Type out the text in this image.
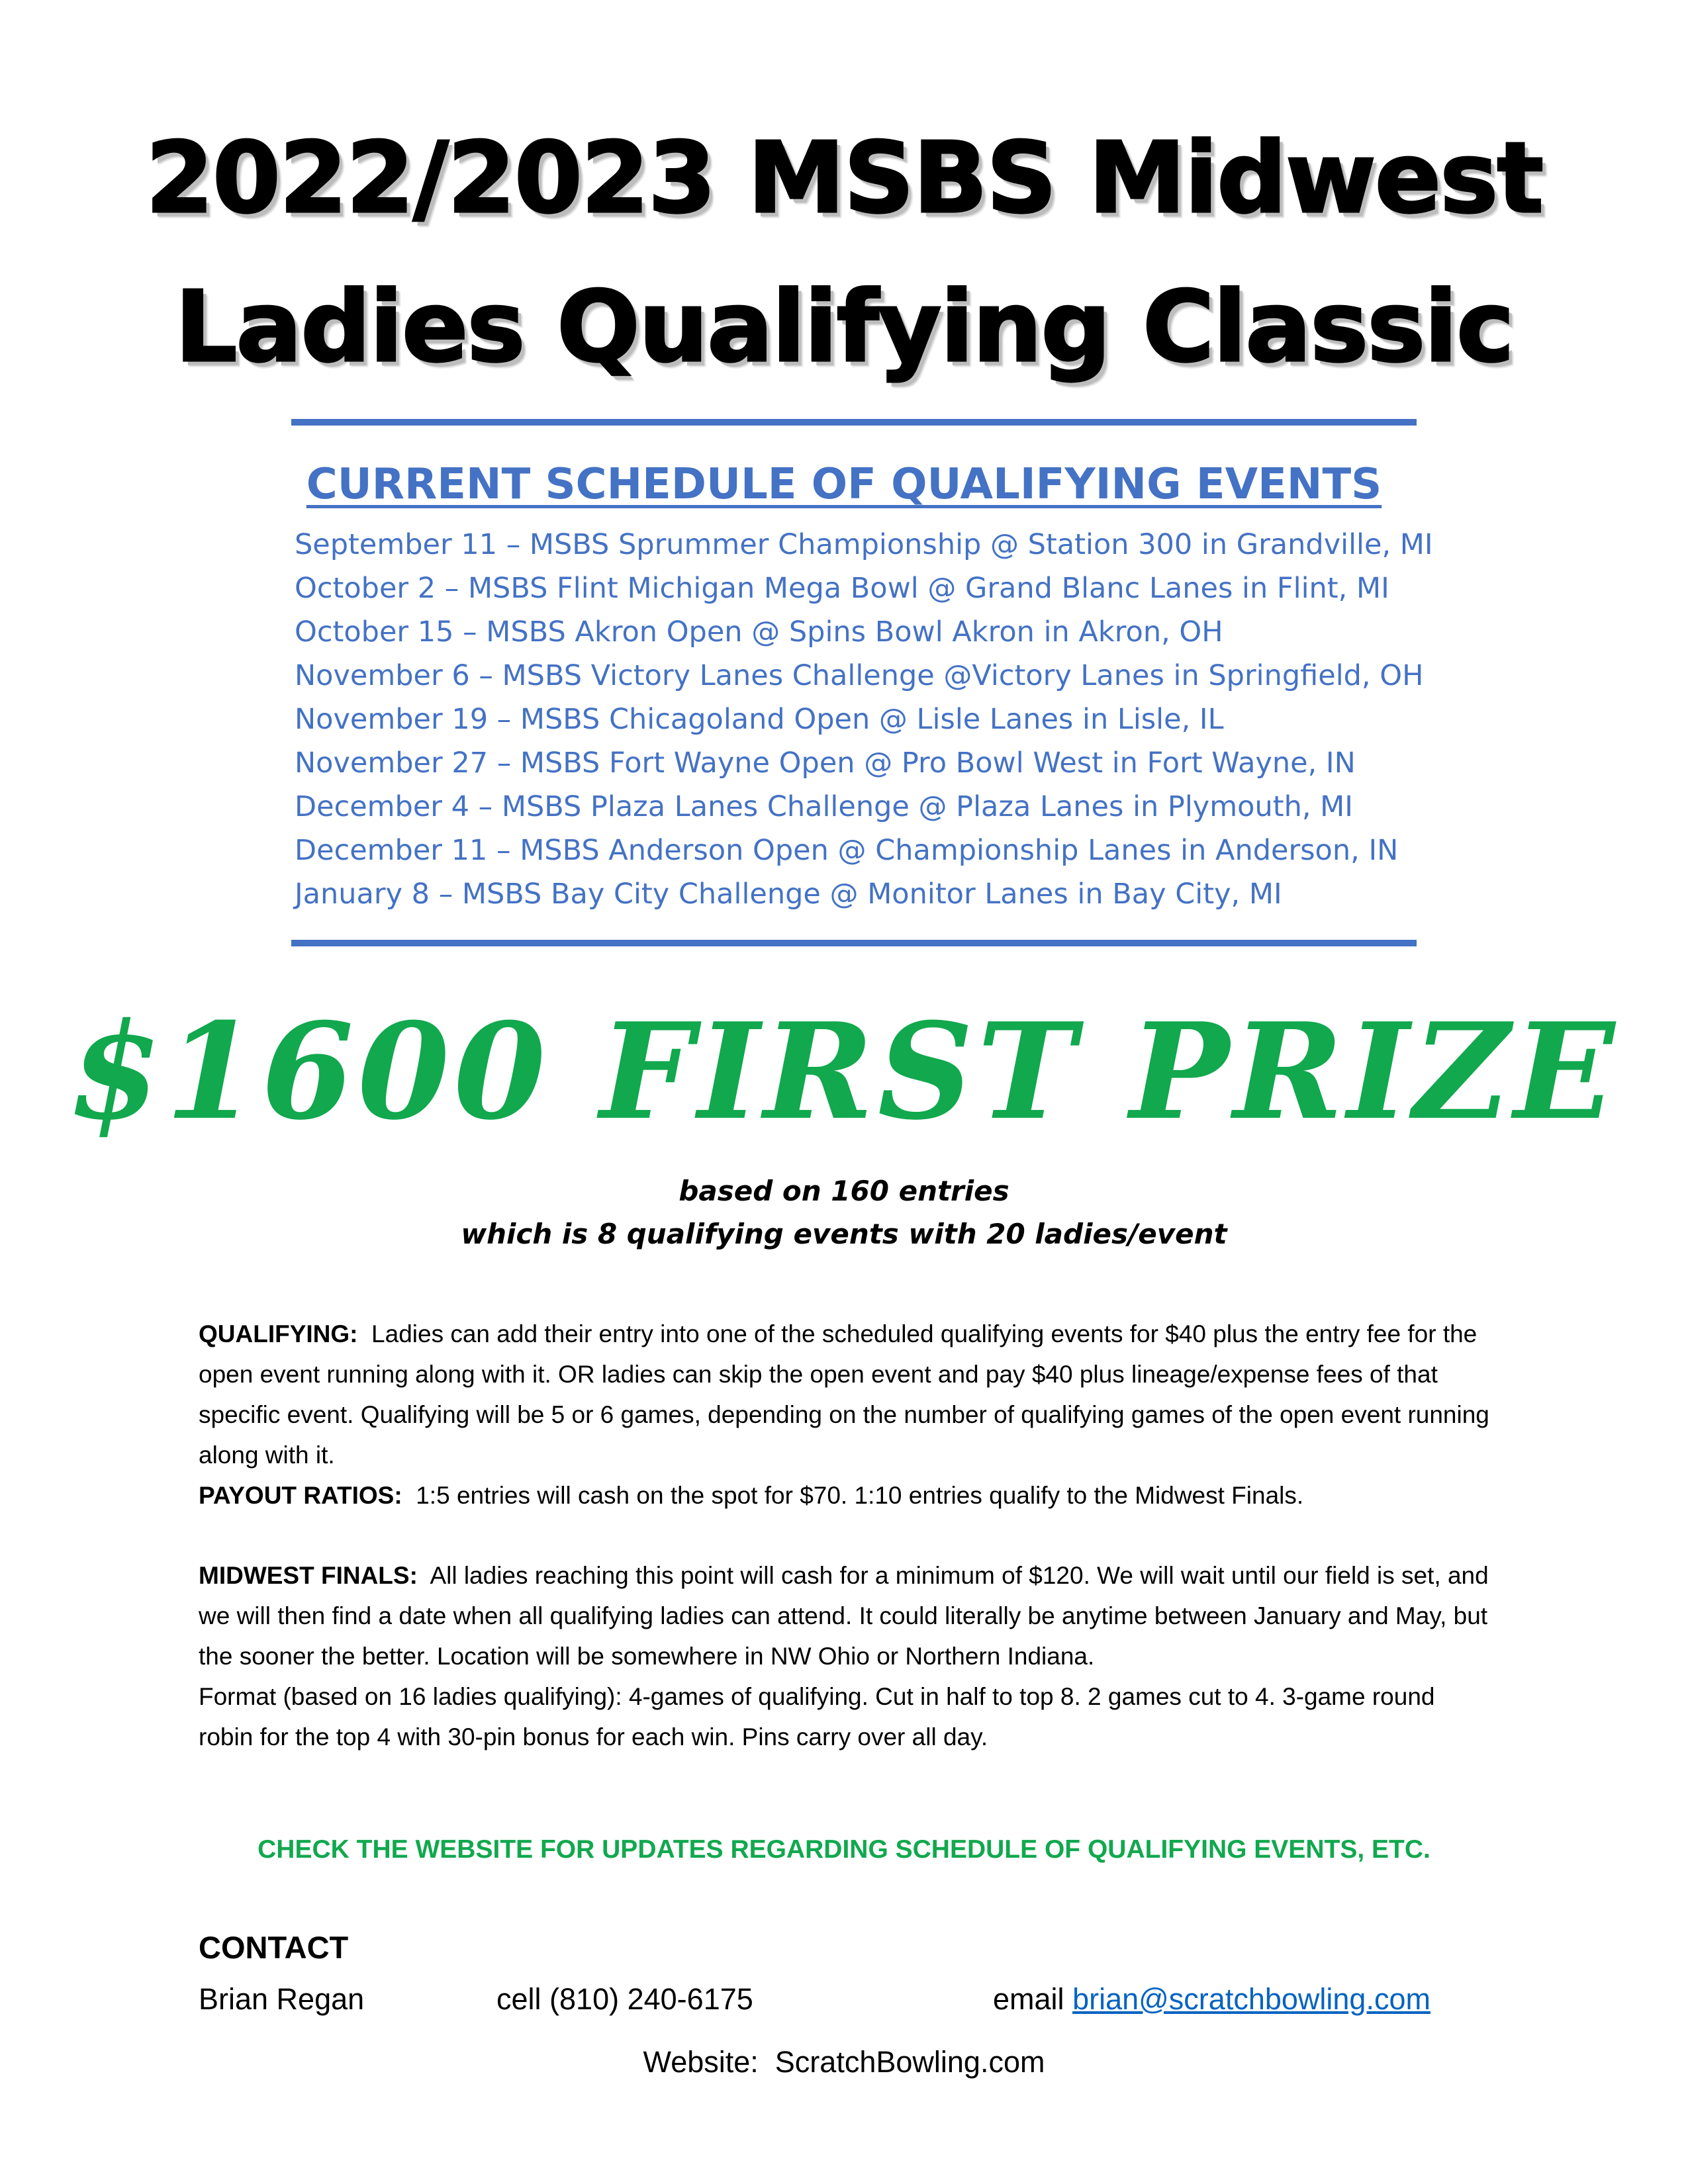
2022/2023 MSBS Midwest
Ladies Qualifying Classic
CURRENT SCHEDULE OF QUALIFYING EVENTS
September 11 – MSBS Sprummer Championship @ Station 300 in Grandville, MI
October 2 – MSBS Flint Michigan Mega Bowl @ Grand Blanc Lanes in Flint, MI
October 15 – MSBS Akron Open @ Spins Bowl Akron in Akron, OH
November 6 – MSBS Victory Lanes Challenge @Victory Lanes in Springfield, OH
November 19 – MSBS Chicagoland Open @ Lisle Lanes in Lisle, IL
November 27 – MSBS Fort Wayne Open @ Pro Bowl West in Fort Wayne, IN
December 4 – MSBS Plaza Lanes Challenge @ Plaza Lanes in Plymouth, MI
December 11 – MSBS Anderson Open @ Championship Lanes in Anderson, IN
January 8 – MSBS Bay City Challenge @ Monitor Lanes in Bay City, MI
$1600 FIRST PRIZE
based on 160 entries
which is 8 qualifying events with 20 ladies/event
QUALIFYING: Ladies can add their entry into one of the scheduled qualifying events for $40 plus the entry fee for the open event running along with it. OR ladies can skip the open event and pay $40 plus lineage/expense fees of that specific event. Qualifying will be 5 or 6 games, depending on the number of qualifying games of the open event running along with it.
PAYOUT RATIOS: 1:5 entries will cash on the spot for $70. 1:10 entries qualify to the Midwest Finals.
MIDWEST FINALS: All ladies reaching this point will cash for a minimum of $120. We will wait until our field is set, and we will then find a date when all qualifying ladies can attend. It could literally be anytime between January and May, but the sooner the better. Location will be somewhere in NW Ohio or Northern Indiana.
Format (based on 16 ladies qualifying): 4-games of qualifying. Cut in half to top 8. 2 games cut to 4. 3-game round robin for the top 4 with 30-pin bonus for each win. Pins carry over all day.
CHECK THE WEBSITE FOR UPDATES REGARDING SCHEDULE OF QUALIFYING EVENTS, ETC.
CONTACT
Brian Regan	cell (810) 240-6175	email brian@scratchbowling.com
Website: ScratchBowling.com
